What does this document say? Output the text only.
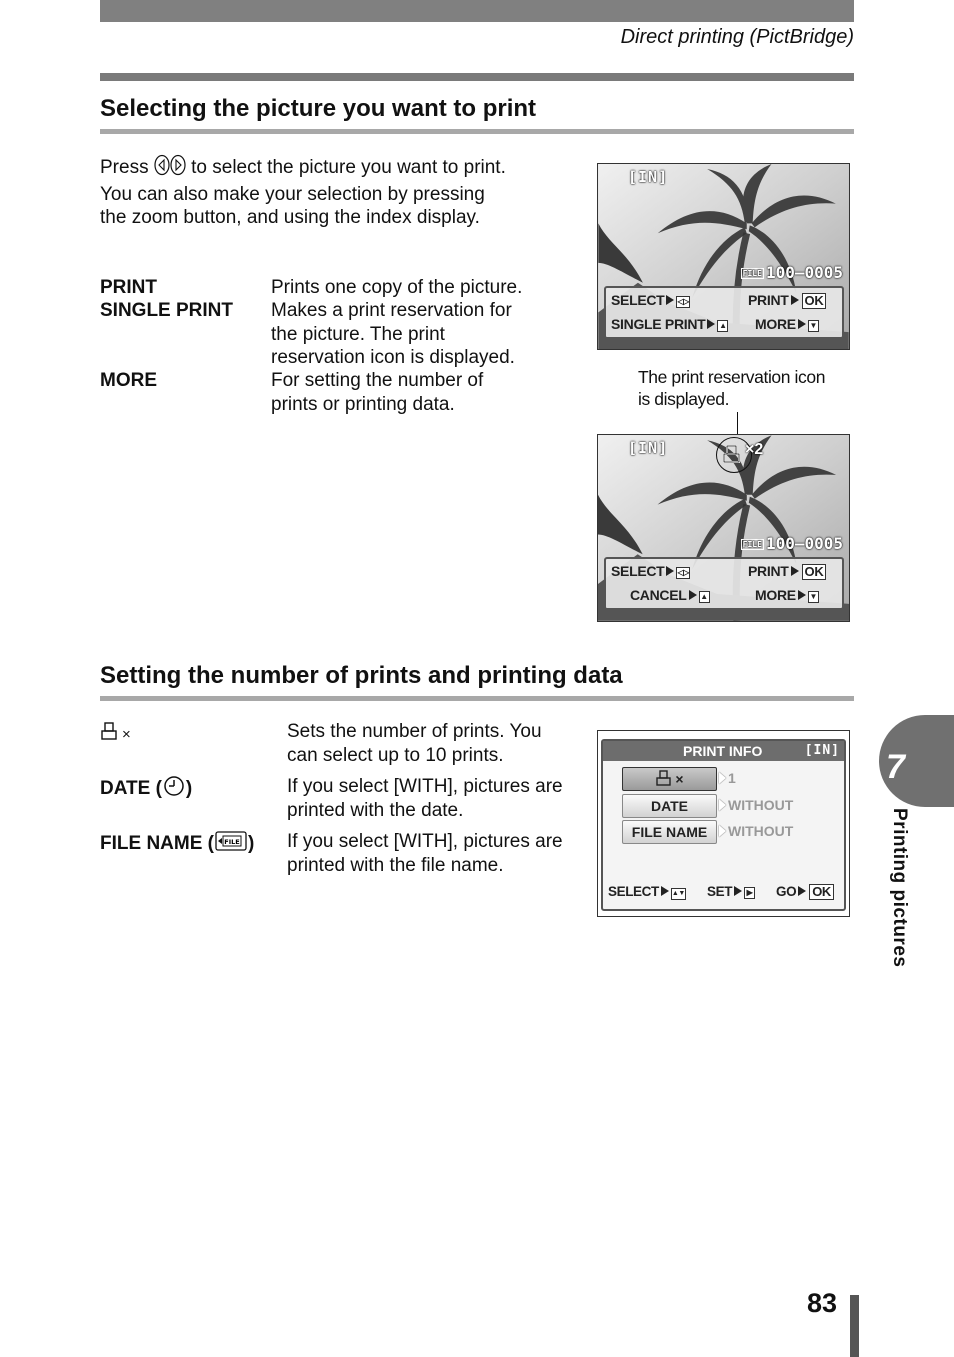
Direct printing (PictBridge)
Selecting the picture you want to print
Press to select the picture you want to print.
You can also make your selection by pressing
the zoom button, and using the index display.
PRINT	Prints one copy of the picture.
SINGLE PRINT Makes a print reservation for
the picture. The print
reservation icon is displayed.
MORE	For setting the number of
prints or printing data.
[IN]
FILE 100–0005
SELECT ◁▷	PRINT OK
SINGLE PRINT ▲ MORE ▼
The print reservation icon
is displayed.
[IN]	×2
FILE 100–0005
SELECT ◁▷	PRINT OK
CANCEL ▲	MORE ▼
Setting the number of prints and printing data
×	Sets the number of prints. You
can select up to 10 prints.
DATE ( )	If you select [WITH], pictures are
printed with the date.
FILE NAME ( FILE ) If you select [WITH], pictures are
printed with the file name.
PRINT INFO	[IN]
×	1
DATE	WITHOUT
FILE NAME	WITHOUT
SELECT ▲▼ SET ▶ GO OK
7
Printing pictures
83
